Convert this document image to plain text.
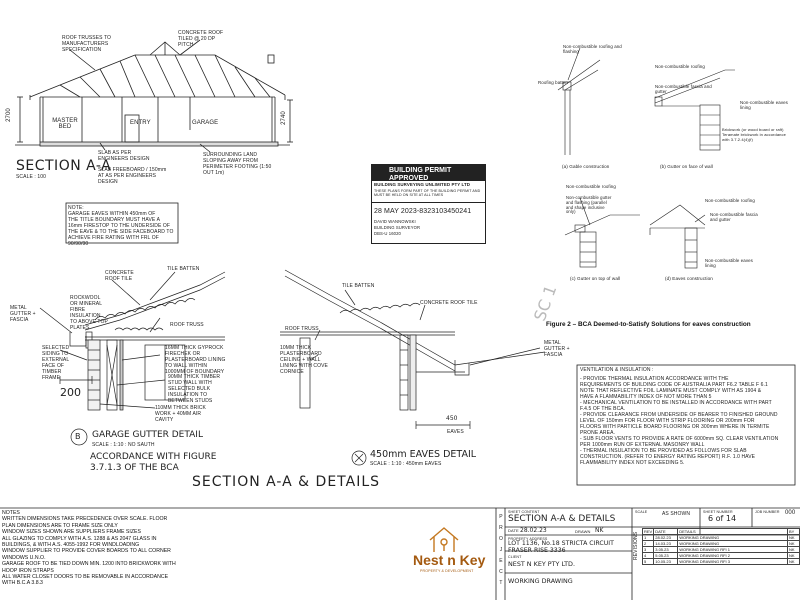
SC 1
ROOF TRUSSES TO MANUFACTURERS SPECIFICATION
CONCRETE ROOF TILED @ 20 DP PITCH
MASTER BED
ENTRY	GARAGE
2700	2740
SLAB AS PER ENGINEERS DESIGN
SLAB FREEBOARD / 150mm AT AS PER ENGINEERS DESIGN
SURROUNDING LAND SLOPING AWAY FROM PERIMETER FOOTING (1:50 OUT 1m)
SECTION A-A
SCALE : 100
NOTE:
GARAGE EAVES WITHIN 450mm OF
THE TITLE BOUNDARY MUST HAVE A
16mm FIRESTOP TO THE UNDERSIDE OF
THE EAVE & TO THE SIDE FACEBOARD TO
ACHIEVE FIRE RATING WITH FRL OF 90/90/90
BUILDING PERMIT APPROVED
BUILDING SURVEYING UNLIMITED PTY LTD
THESE PLANS FORM PART OF THE BUILDING PERMIT AND MUST BE HELD ON SITE AT ALL TIMES
28 MAY 2023-8323103450241
DAVID WANNOWSKI
BUILDING SURVEYOR
DBS-U 16020
Non-combustible roofing and flashing
Roofing batten
(a) Gable construction
Non-combustible roofing
Non-combustible fascia and gutter
Non-combustible eaves lining
Brickwork (or wood board or raft) Teramate brickwork in accordance with 3.7.2.4(4)(f)
(b) Gutter on face of wall
Non-combustible roofing
Non-combustible gutter and flashing (parallel and shape inclusive only)
(c) Gutter on top of wall
Non-combustible roofing
Non-combustible fascia and gutter
Non-combustible eaves lining
(d) Eaves construction
Figure 2 – BCA Deemed-to-Satisfy Solutions for eaves construction
TILE BATTEN
CONCRETE ROOF TILE
ROCKWOOL OR MINERAL FIBRE INSULATION TO ABOVE TOP PLATES
METAL GUTTER + FASCIA
ROOF TRUSS
SELECTED SIDING TO EXTERNAL FACE OF TIMBER FRAME
16MM THICK GYPROCK FIRECHEK OR PLASTERBOARD LINING TO WALL WITHIN 1000MM OF BOUNDARY
90MM THICK TIMBER STUD WALL WITH SELECTED BULK INSULATION TO BETWEEN STUDS
110MM THICK BRICK WORK + 40MM AIR CAVITY
200
B GARAGE GUTTER DETAIL
SCALE : 1:10 : NO SAUTH
ACCORDANCE WITH FIGURE
3.7.1.3 OF THE BCA
TILE BATTEN
CONCRETE ROOF TILE
ROOF TRUSS
10MM THICK PLASTERBOARD CEILING + WALL LINING WITH COVE CORNICE
METAL GUTTER + FASCIA
450
EAVES
450mm EAVES DETAIL
SCALE : 1:10 : 450mm EAVES
SECTION A-A & DETAILS
VENTILATION & INSULATION :
- PROVIDE THERMAL INSULATION ACCORDANCE WITH THE
REQUIREMENTS OF BUILDING CODE OF AUSTRALIA PART F6.2 TABLE F 6.1
NOTE THAT REFLECTIVE FOIL LAMINATE MUST COMPLY WITH AS 1904 &
HAVE A FLAMMABILITY INDEX OF NOT MORE THAN 5
- MECHANICAL VENTILATION TO BE INSTALLED IN ACCORDANCE WITH PART
F.4.5 OF THE BCA.
- PROVIDE CLEARANCE FROM UNDERSIDE OF BEARER TO FINISHED GROUND
LEVEL OF 150mm FOR FLOOR WITH STRIP FLOORING OR 200mm FOR
FLOORS WITH PARTICLE BOARD FLOORING OR 300mm WHERE IN TERMITE
PRONE AREA.
- SUB FLOOR VENTS TO PROVIDE A RATE OF 6000mm SQ. CLEAR VENTILATION
PER 1000mm RUN OF EXTERNAL MASONRY WALL
- THERMAL INSULATION TO BE PROVIDED AS FOLLOWS FOR SLAB
CONSTRUCTION. (REFER TO ENERGY RATING REPORT) R.F. 1.0 HAVE
FLAMMABILITY INDEX NOT EXCEEDING 5.
NOTES
WRITTEN DIMENSIONS TAKE PRECEDENCE OVER SCALE. FLOOR
PLAN DIMENSIONS ARE TO FRAME SIZE ONLY
WINDOW SIZES SHOWN ARE SUPPLIERS FRAME SIZES
ALL GLAZING TO COMPLY WITH A.S. 1288 & AS 2047 GLASS IN
BUILDINGS, & WITH A.S. 4055-1992 FOR WINDLOADING
WINDOW SUPPLIER TO PROVIDE COVER BOARDS TO ALL CORNER
WINDOWS U.N.O.
GARAGE ROOF TO BE TIED DOWN MIN. 1200 INTO BRICKWORK WITH
HOOP IRON STRAPS
ALL WATER CLOSET DOORS TO BE REMOVABLE IN ACCORDANCE
WITH B.C.A 3.8.3
Nest n Key
PROPERTY & DEVELOPMENT
P
R
O
J
E
C
T
SHEET CONTENT
SECTION A-A & DETAILS
DATE 28.02.23	DRAWN NK
PROPERTY ADDRESS
LOT 1136, No.18 STRICTA CIRCUIT
FRASER RISE 3336
CLIENT
NEST N KEY PTY LTD.
WORKING DRAWING
SCALE	AS SHOWN	SHEET NUMBER
6 of 14
JOB NUMBER 000
REVISIONS
REV	DATE	DETAILS	BY
1	28.02.23	WORKING DRAWING	NK
2	14.03.23	WORKING DRAWING	NK
3	3.05.23	WORKING DRAWING RFI 1	NK
4	5.05.23	WORKING DRAWING RFI 2	NK
5	10.05.23	WORKING DRAWING RFI 3	NK
